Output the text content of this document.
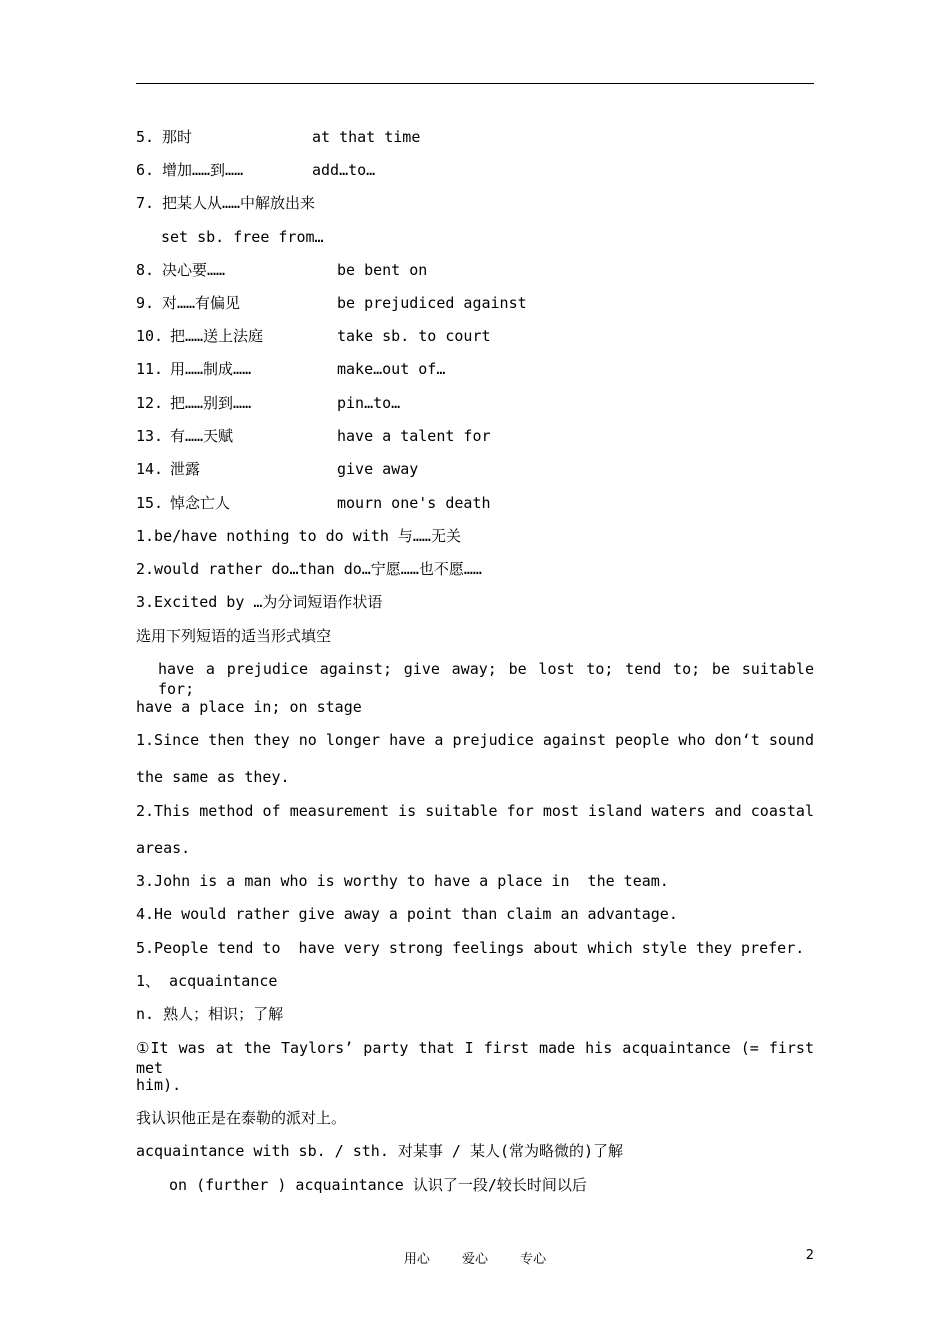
5. 那时	at that time
6. 增加……到……	add…to…
7. 把某人从……中解放出来
set sb. free from…
8. 决心要……	be bent on
9. 对……有偏见	be prejudiced against
10. 把……送上法庭	take sb. to court
11. 用……制成……	make…out of…
12. 把……别到……	pin…to…
13. 有……天赋	have a talent for
14. 泄露	give away
15. 悼念亡人	mourn one's death
1.be/have nothing to do with 与……无关
2.would rather do…than do…宁愿……也不愿……
3.Excited by …为分词短语作状语
选用下列短语的适当形式填空
have a prejudice against; give away; be lost to; tend to; be suitable for;
have a place in; on stage
1.Since then they no longer have a prejudice against people who don‘t sound
the same as they.
2.This method of measurement is suitable for most island waters and coastal
areas.
3.John is a man who is worthy to have a place in  the team.
4.He would rather give away a point than claim an advantage.
5.People tend to  have very strong feelings about which style they prefer.
1、 acquaintance
n. 熟人；相识；了解
①It was at the Taylors’ party that I first made his acquaintance (= first met
him).
我认识他正是在泰勒的派对上。
acquaintance with sb. / sth. 对某事 / 某人(常为略微的)了解
on (further ) acquaintance 认识了一段/较长时间以后
用心 爱心 专心	2
